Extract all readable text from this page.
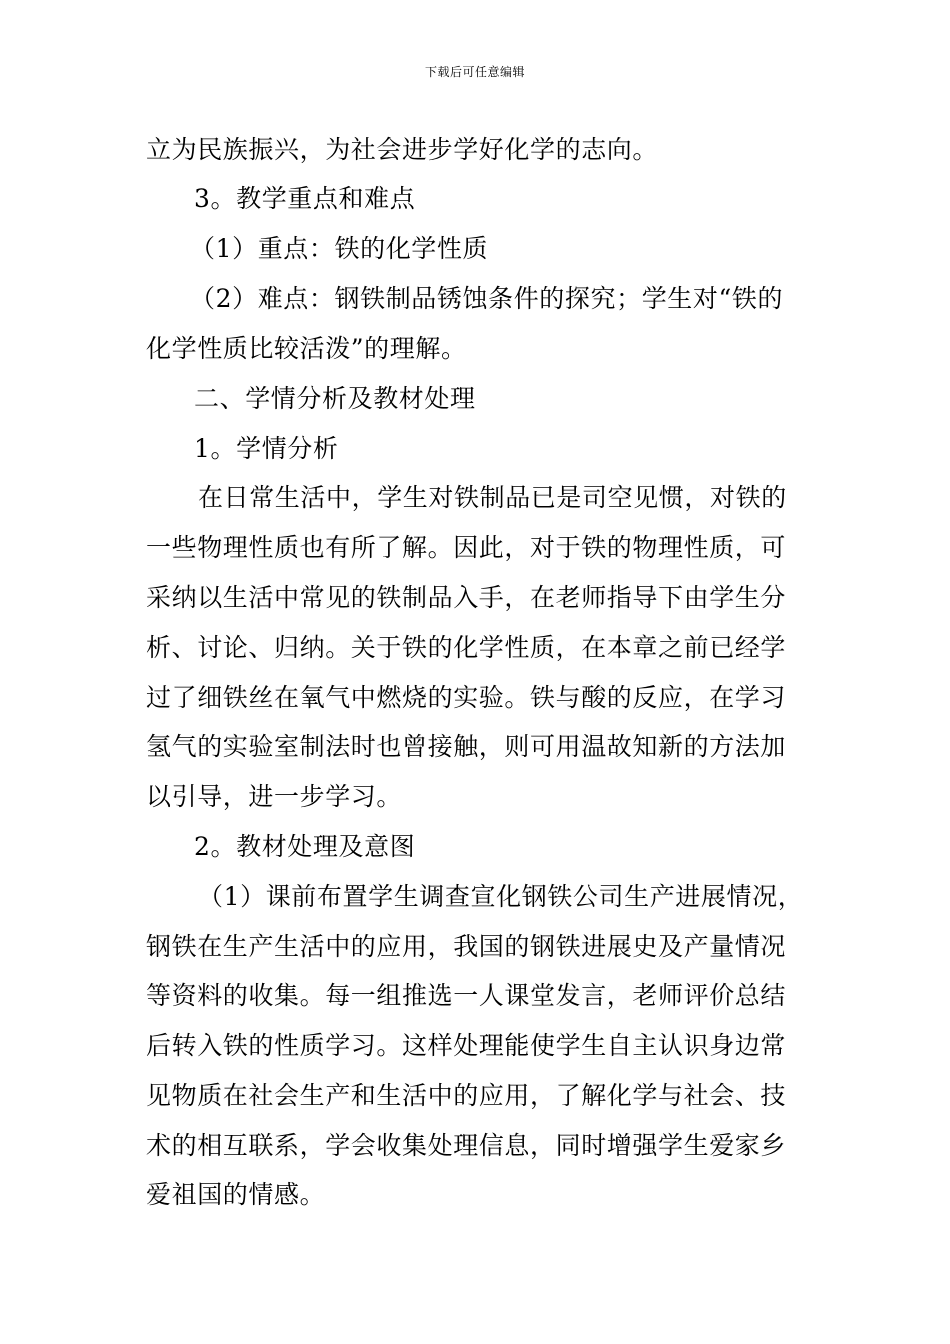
下载后可任意编辑
立为民族振兴，为社会进步学好化学的志向。
3。教学重点和难点
（1）重点：铁的化学性质
（2）难点：钢铁制品锈蚀条件的探究；学生对“铁的
化学性质比较活泼”的理解。
二、学情分析及教材处理
1。学情分析
在日常生活中，学生对铁制品已是司空见惯，对铁的
一些物理性质也有所了解。因此，对于铁的物理性质，可
采纳以生活中常见的铁制品入手，在老师指导下由学生分
析、讨论、归纳。关于铁的化学性质，在本章之前已经学
过了细铁丝在氧气中燃烧的实验。铁与酸的反应，在学习
氢气的实验室制法时也曾接触，则可用温故知新的方法加
以引导，进一步学习。
2。教材处理及意图
（1）课前布置学生调查宣化钢铁公司生产进展情况，
钢铁在生产生活中的应用，我国的钢铁进展史及产量情况
等资料的收集。每一组推选一人课堂发言，老师评价总结
后转入铁的性质学习。这样处理能使学生自主认识身边常
见物质在社会生产和生活中的应用，了解化学与社会、技
术的相互联系，学会收集处理信息，同时增强学生爱家乡
爱祖国的情感。
